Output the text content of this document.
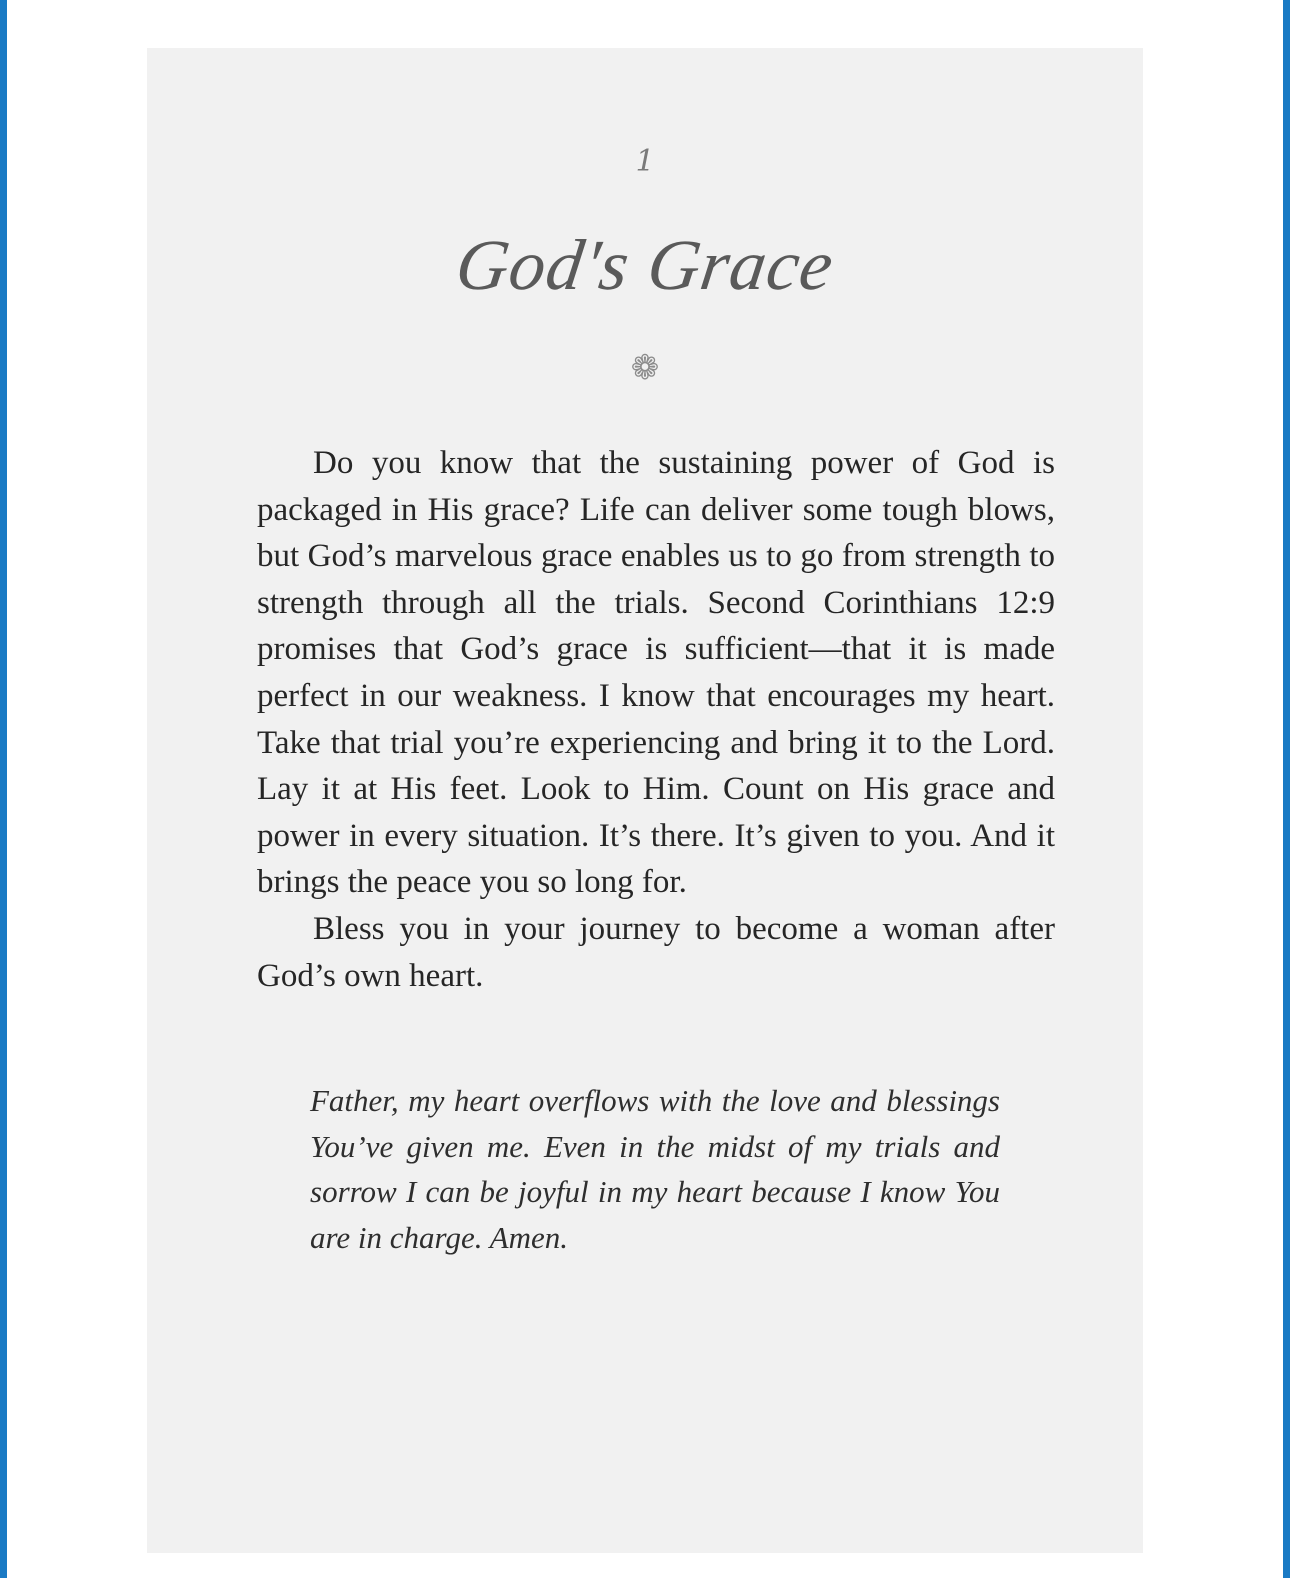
1
God's Grace
❁

Do you know that the sustaining power of God is packaged in His grace? Life can deliver some tough blows, but God’s marvelous grace enables us to go from strength to strength through all the trials. Second Corinthians 12:9 promises that God’s grace is sufficient—that it is made perfect in our weakness. I know that encourages my heart. Take that trial you’re experiencing and bring it to the Lord. Lay it at His feet. Look to Him. Count on His grace and power in every situation. It’s there. It’s given to you. And it brings the peace you so long for.

Bless you in your journey to become a woman after God’s own heart.

Father, my heart overflows with the love and blessings You’ve given me. Even in the midst of my trials and sorrow I can be joyful in my heart because I know You are in charge. Amen.
